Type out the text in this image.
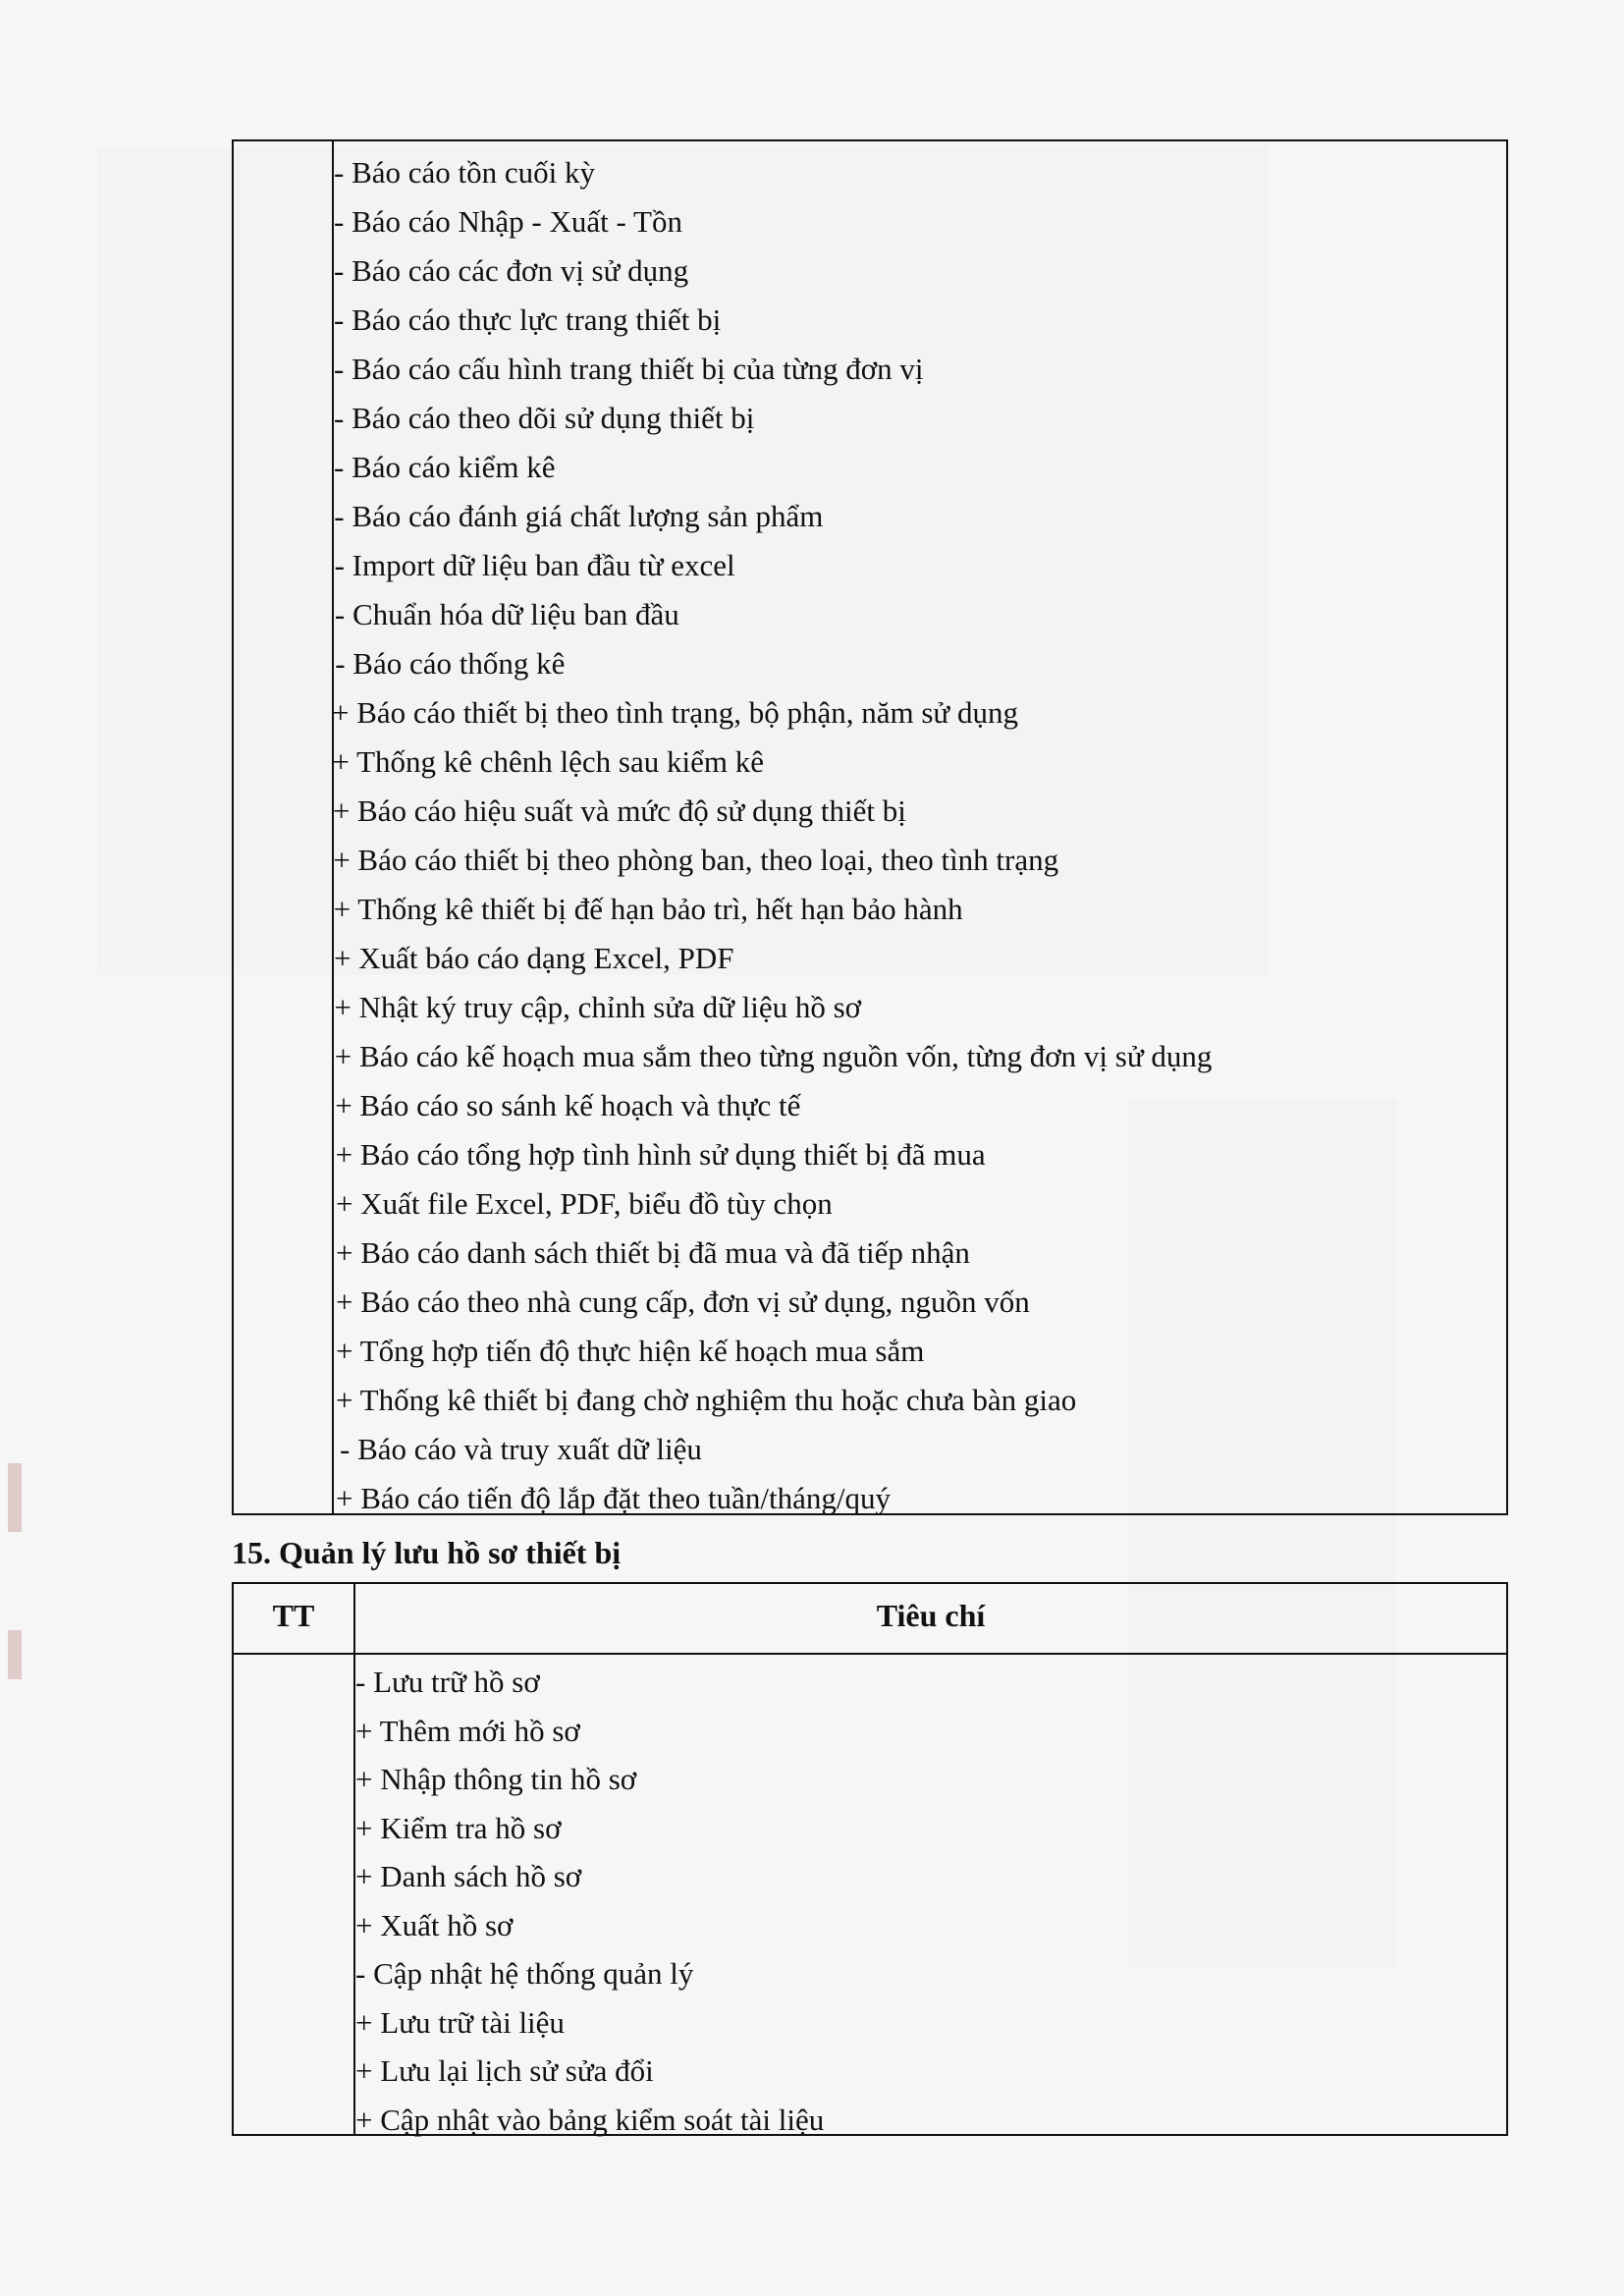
- Báo cáo tồn cuối kỳ
- Báo cáo Nhập - Xuất - Tồn
- Báo cáo các đơn vị sử dụng
- Báo cáo thực lực trang thiết bị
- Báo cáo cấu hình trang thiết bị của từng đơn vị
- Báo cáo theo dõi sử dụng thiết bị
- Báo cáo kiểm kê
- Báo cáo đánh giá chất lượng sản phẩm
- Import dữ liệu ban đầu từ excel
- Chuẩn hóa dữ liệu ban đầu
- Báo cáo thống kê
+ Báo cáo thiết bị theo tình trạng, bộ phận, năm sử dụng
+ Thống kê chênh lệch sau kiểm kê
+ Báo cáo hiệu suất và mức độ sử dụng thiết bị
+ Báo cáo thiết bị theo phòng ban, theo loại, theo tình trạng
+ Thống kê thiết bị đế hạn bảo trì, hết hạn bảo hành
+ Xuất báo cáo dạng Excel, PDF
+ Nhật ký truy cập, chỉnh sửa dữ liệu hồ sơ
+ Báo cáo kế hoạch mua sắm theo từng nguồn vốn, từng đơn vị sử dụng
+ Báo cáo so sánh kế hoạch và thực tế
+ Báo cáo tổng hợp tình hình sử dụng thiết bị đã mua
+ Xuất file Excel, PDF, biểu đồ tùy chọn
+ Báo cáo danh sách thiết bị đã mua và đã tiếp nhận
+ Báo cáo theo nhà cung cấp, đơn vị sử dụng, nguồn vốn
+ Tổng hợp tiến độ thực hiện kế hoạch mua sắm
+ Thống kê thiết bị đang chờ nghiệm thu hoặc chưa bàn giao
- Báo cáo và truy xuất dữ liệu
+ Báo cáo tiến độ lắp đặt theo tuần/tháng/quý
15. Quản lý lưu hồ sơ thiết bị
TT	Tiêu chí
- Lưu trữ hồ sơ
+ Thêm mới hồ sơ
+ Nhập thông tin hồ sơ
+ Kiểm tra hồ sơ
+ Danh sách hồ sơ
+ Xuất hồ sơ
- Cập nhật hệ thống quản lý
+ Lưu trữ tài liệu
+ Lưu lại lịch sử sửa đổi
+ Cập nhật vào bảng kiểm soát tài liệu
